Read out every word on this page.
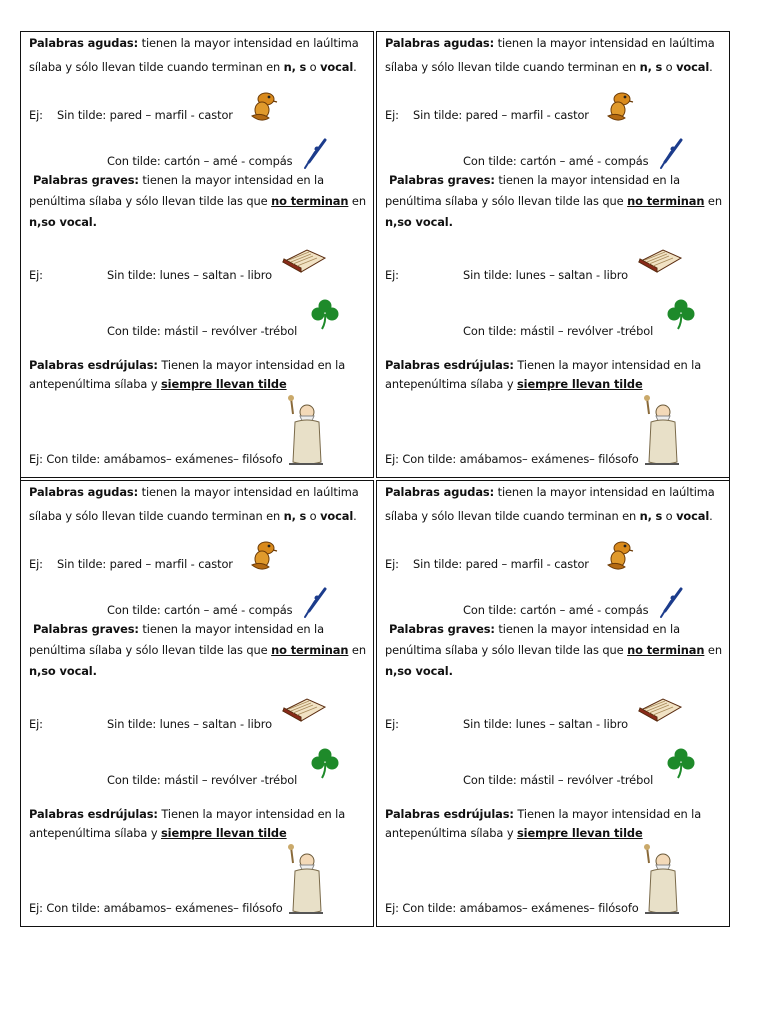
Palabras agudas: tienen la mayor intensidad en laúltima
sílaba y sólo llevan tilde cuando terminan en n, s o vocal.
Ej: Sin tilde: pared – marfil - castor
Con tilde: cartón – amé - compás
Palabras graves: tienen la mayor intensidad en la
penúltima sílaba y sólo llevan tilde las que no terminan en
n,so vocal.
Ej:	Sin tilde: lunes – saltan - libro
Con tilde: mástil – revólver -trébol
Palabras esdrújulas: Tienen la mayor intensidad en la
antepenúltima sílaba y siempre llevan tilde
Ej: Con tilde: amábamos– exámenes– filósofo
Palabras agudas: tienen la mayor intensidad en laúltima
sílaba y sólo llevan tilde cuando terminan en n, s o vocal.
Ej: Sin tilde: pared – marfil - castor
Con tilde: cartón – amé - compás
Palabras graves: tienen la mayor intensidad en la
penúltima sílaba y sólo llevan tilde las que no terminan en
n,so vocal.
Ej:	Sin tilde: lunes – saltan - libro
Con tilde: mástil – revólver -trébol
Palabras esdrújulas: Tienen la mayor intensidad en la
antepenúltima sílaba y siempre llevan tilde
Ej: Con tilde: amábamos– exámenes– filósofo
Palabras agudas: tienen la mayor intensidad en laúltima
sílaba y sólo llevan tilde cuando terminan en n, s o vocal.
Ej: Sin tilde: pared – marfil - castor
Con tilde: cartón – amé - compás
Palabras graves: tienen la mayor intensidad en la
penúltima sílaba y sólo llevan tilde las que no terminan en
n,so vocal.
Ej:	Sin tilde: lunes – saltan - libro
Con tilde: mástil – revólver -trébol
Palabras esdrújulas: Tienen la mayor intensidad en la
antepenúltima sílaba y siempre llevan tilde
Ej: Con tilde: amábamos– exámenes– filósofo
Palabras agudas: tienen la mayor intensidad en laúltima
sílaba y sólo llevan tilde cuando terminan en n, s o vocal.
Ej: Sin tilde: pared – marfil - castor
Con tilde: cartón – amé - compás
Palabras graves: tienen la mayor intensidad en la
penúltima sílaba y sólo llevan tilde las que no terminan en
n,so vocal.
Ej:	Sin tilde: lunes – saltan - libro
Con tilde: mástil – revólver -trébol
Palabras esdrújulas: Tienen la mayor intensidad en la
antepenúltima sílaba y siempre llevan tilde
Ej: Con tilde: amábamos– exámenes– filósofo
